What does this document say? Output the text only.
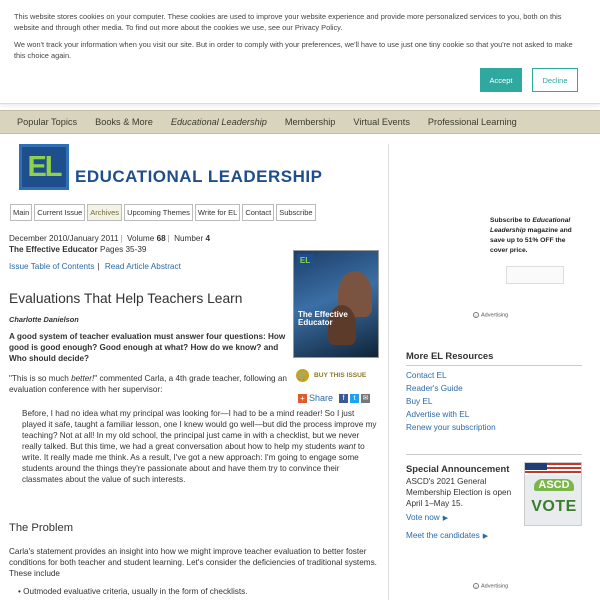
This website stores cookies on your computer. These cookies are used to improve your website experience and provide more personalized services to you, both on this website and through other media. To find out more about the cookies we use, see our Privacy Policy.

We won't track your information when you visit our site. But in order to comply with your preferences, we'll have to use just one tiny cookie so that you're not asked to make this choice again.

Accept	Decline
Popular Topics Books & More Educational Leadership Membership Virtual Events Professional Learning
EL EDUCATIONAL LEADERSHIP
Main	Current Issue	Archives	Upcoming Themes	Write for EL	Contact	Subscribe
December 2010/January 2011 | Volume 68 | Number 4
The Effective Educator Pages 35-39
Issue Table of Contents | Read Article Abstract
EL
The Effective Educator
🛒 BUY THIS ISSUE
+ Share	f	t	✉
Evaluations That Help Teachers Learn
Charlotte Danielson
A good system of teacher evaluation must answer four questions: How good is good enough? Good enough at what? How do we know? and Who should decide?
"This is so much better!" commented Carla, a 4th grade teacher, following an evaluation conference with her supervisor:
Before, I had no idea what my principal was looking for—I had to be a mind reader! So I just played it safe, taught a familiar lesson, one I knew would go well—but did the process improve my teaching? Not at all! In my old school, the principal just came in with a checklist, but we never really talked. But this time, we had a great conversation about how to help my students want to write. It really made me think. As a result, I've got a new approach: I'm going to engage some students around the things they're passionate about and have them try to convince their classmates about the value of such interests.
The Problem
Carla's statement provides an insight into how we might improve teacher evaluation to better foster conditions for both teacher and student learning. Let's consider the deficiencies of traditional systems. These include
• Outmoded evaluative criteria, usually in the form of checklists.
Subscribe to Educational Leadership magazine and save up to 51% OFF the cover price.
i Advertising
More EL Resources
Contact EL
Reader's Guide
Buy EL
Advertise with EL
Renew your subscription
Special Announcement
ASCD's 2021 General Membership Election is open April 1–May 15.
Vote now ▶
Meet the candidates ▶
ASCD
VOTE
i Advertising
